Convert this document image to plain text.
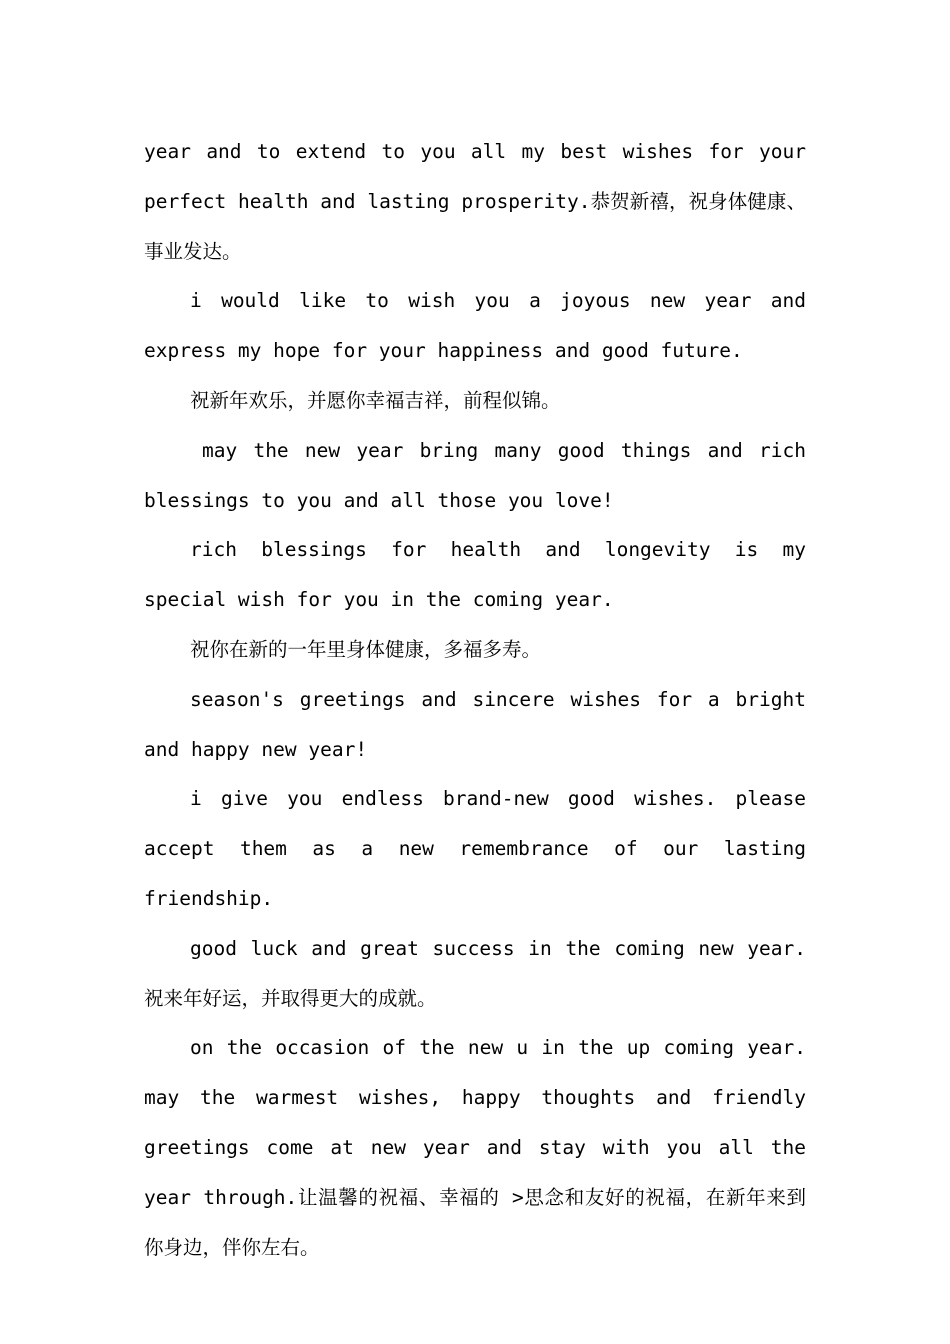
year and to extend to you all my best wishes for your perfect health and lasting prosperity.恭贺新禧，祝身体健康、事业发达。

i would like to wish you a joyous new year and express my hope for your happiness and good future.

祝新年欢乐，并愿你幸福吉祥，前程似锦。

may the new year bring many good things and rich blessings to you and all those you love!

rich blessings for health and longevity is my special wish for you in the coming year.

祝你在新的一年里身体健康，多福多寿。

season's greetings and sincere wishes for a bright and happy new year!

i give you endless brand-new good wishes. please accept them as a new remembrance of our lasting friendship.

good luck and great success in the coming new year.祝来年好运，并取得更大的成就。

on the occasion of the new u in the up coming year. may the warmest wishes, happy thoughts and friendly greetings come at new year and stay with you all the year through.让温馨的祝福、幸福的 >思念和友好的祝福，在新年来到你身边，伴你左右。
